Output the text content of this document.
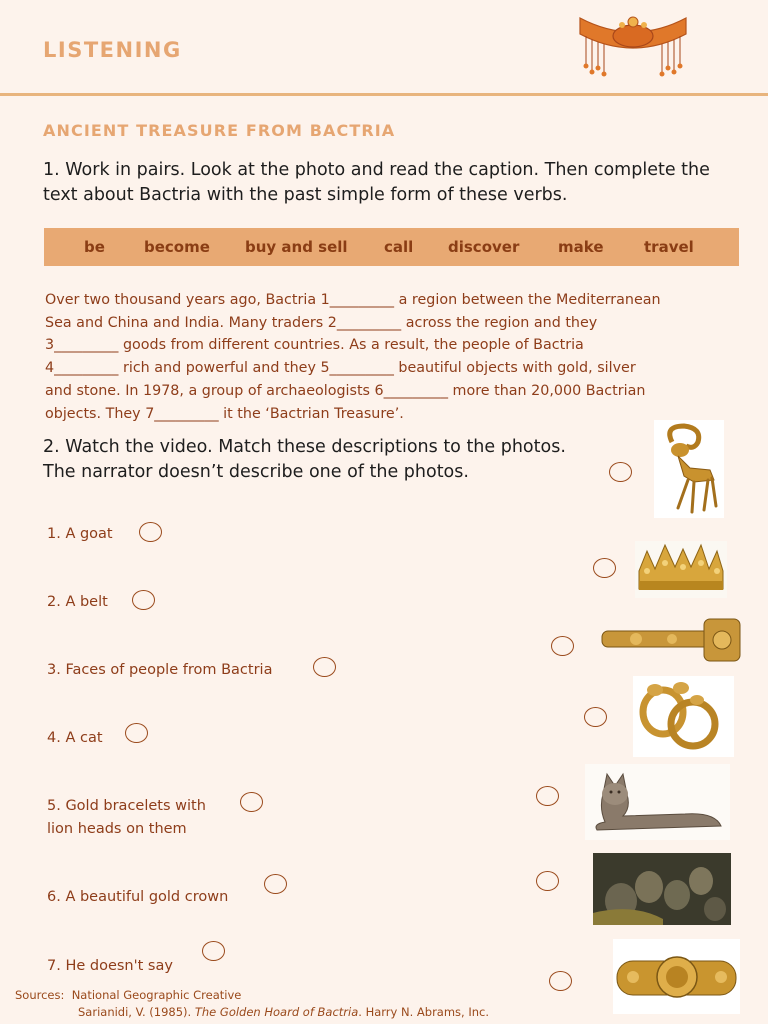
LISTENING
ANCIENT TREASURE FROM BACTRIA
1. Work in pairs. Look at the photo and read the caption. Then complete the text about Bactria with the past simple form of these verbs.
be	become buy and sell call discover	make	travel
Over two thousand years ago, Bactria 1_________ a region between the Mediterranean
Sea and China and India. Many traders 2_________ across the region and they
3_________ goods from different countries. As a result, the people of Bactria
4_________ rich and powerful and they 5_________ beautiful objects with gold, silver
and stone. In 1978, a group of archaeologists 6_________ more than 20,000 Bactrian
objects. They 7_________ it the ‘Bactrian Treasure’.
2. Watch the video. Match these descriptions to the photos. The narrator doesn’t describe one of the photos.
1. A goat
2. A belt
3. Faces of people from Bactria
4. A cat
5. Gold bracelets with
lion heads on them
6. A beautiful gold crown
7. He doesn't say
Sources: National Geographic Creative
Sarianidi, V. (1985). The Golden Hoard of Bactria. Harry N. Abrams, Inc.
